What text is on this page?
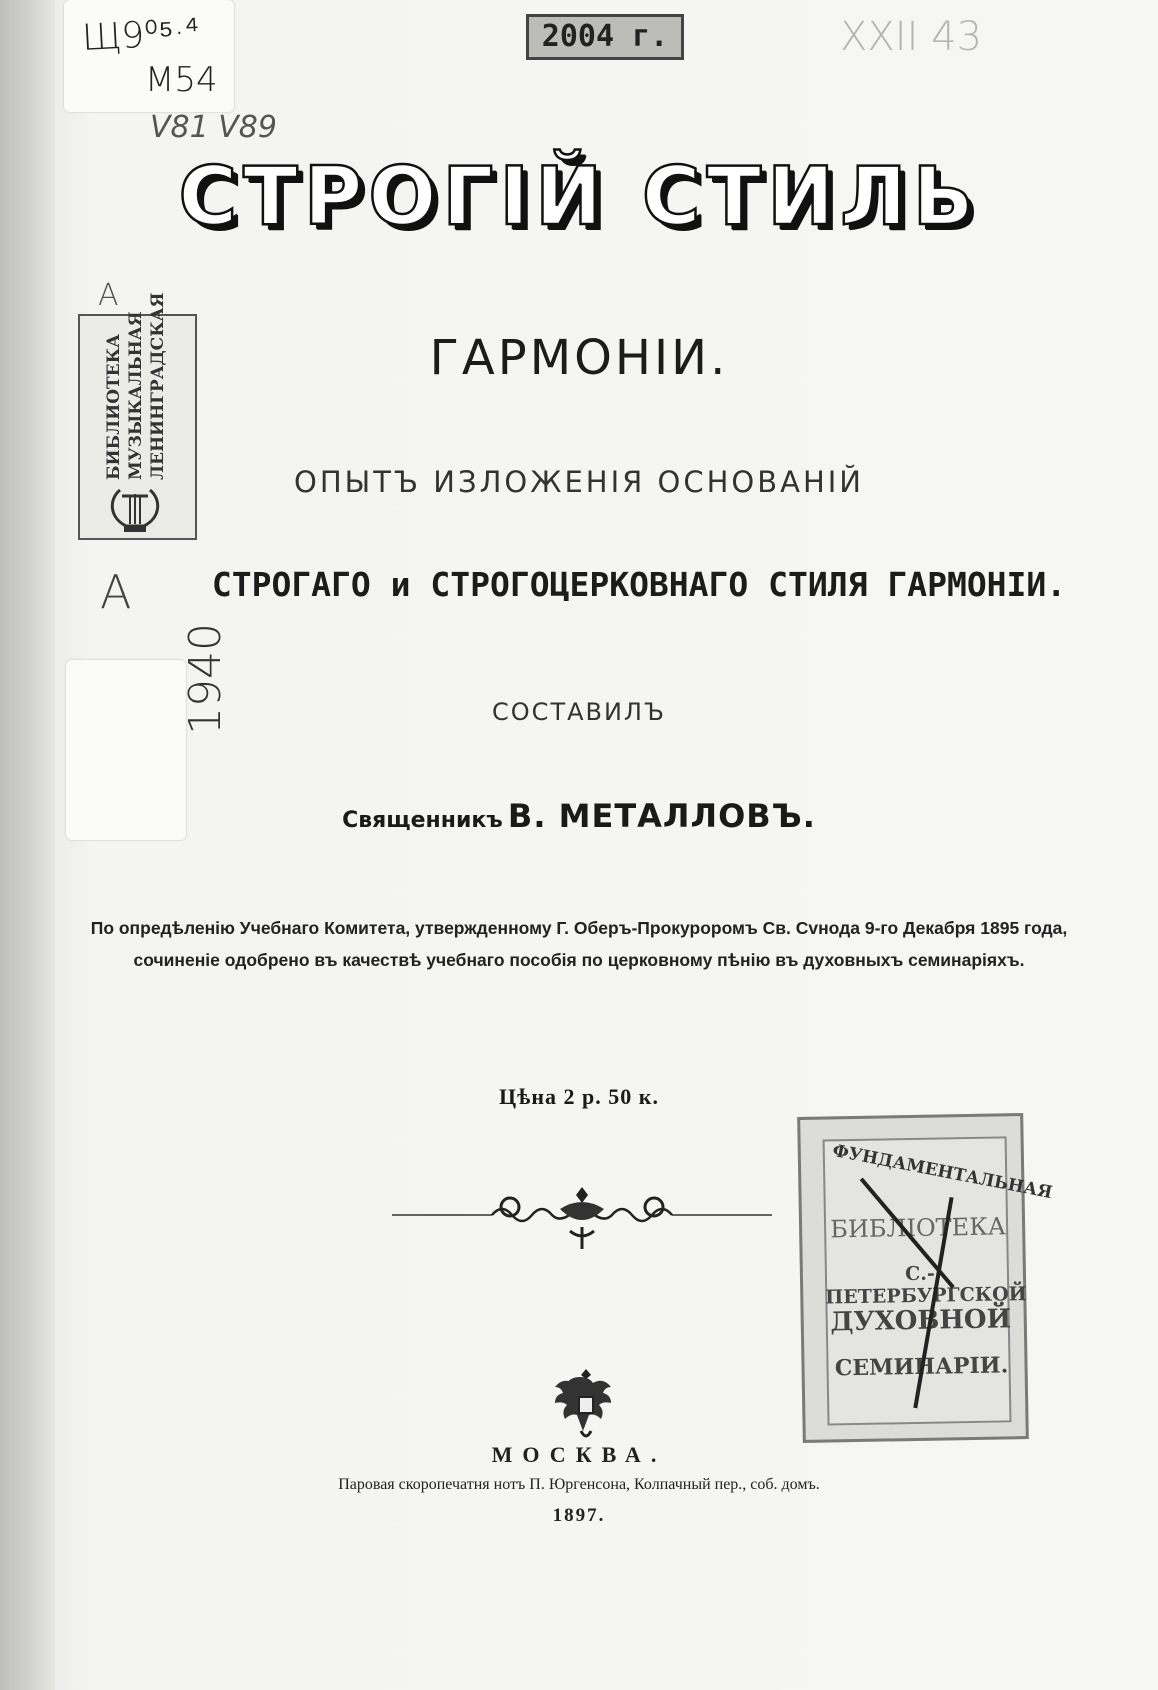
Щ9⁰⁵·⁴
М54
V81 V89
2004 г.	XXII 43
СТРОГІЙ СТИЛЬ
ГАРМОНІИ.
ОПЫТЪ ИЗЛОЖЕНІЯ ОСНОВАНІЙ
А
А
СТРОГАГО и СТРОГОЦЕРКОВНАГО СТИЛЯ ГАРМОНІИ.
ЛЕНИНГРАДСКАЯ
МУЗЫКАЛЬНАЯ
БИБЛИОТЕКА
1940	СОСТАВИЛЪ
Священникъ В. МЕТАЛЛОВЪ.
По опредѣленію Учебнаго Комитета, утвержденному Г. Оберъ-Прокуроромъ Св. Сvнода 9-го Декабря 1895 года,
сочиненіе одобрено въ качествѣ учебнаго пособія по церковному пѣнію въ духовныхъ семинаріяхъ.
Цѣна 2 р. 50 к.
ФУНДАМЕНТАЛЬНАЯ
БИБЛІОТЕКА
С.-ПЕТЕРБУРГСКОЙ
ДУХОВНОЙ
СЕМИНАРІИ.
МОСКВА.
Паровая скоропечатня нотъ П. Юргенсона, Колпачный пер., соб. домъ.
1897.
